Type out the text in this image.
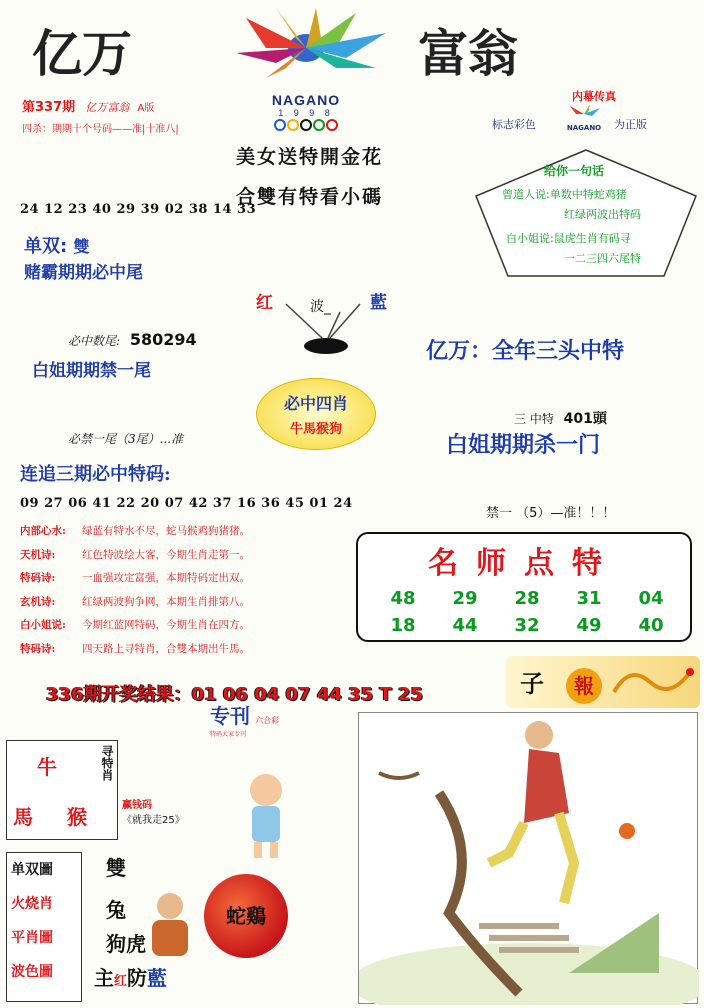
亿万	富翁
NAGANO
1 9 9 8
第337期 亿万富翁 A版
四杀：期期十个号码——准|十准八|
美女送特開金花
合雙有特看小碼
内幕传真
标志彩色	NAGANO	为正版
给你一句话
曾道人说:单数中特蛇鸡猪
红绿两波出特码
白小姐说:鼠虎生肖有码寻
一二三四六尾特
24 12 23 40 29 39 02 38 14 33
单双: 雙
赌霸期期必中尾
红	波_ 藍
必中数尾: 580294
白姐期期禁一尾
亿万：全年三头中特
必中四肖
牛馬猴狗
三 中特 401頭
白姐期期杀一门
必禁一尾（3尾）...准
连追三期必中特码:
09 27 06 41 22 20 07 42 37 16 36 45 01 24
禁一 （5）—准！！！
内部心水: 绿蓝有特水不尽，蛇马猴鸡狗猪猪。
天机诗:	红色特波绘大客，今期生肖走第一。
特码诗:	一血强攻定富强，本期特码定出双。
玄机诗:	红绿两波狗争网，本期生肖排第八。
白小姐说: 今期红蓝网特码，今期生肖在四方。
特码诗:	四天路上寻特肖，合雙本期出牛馬。
名师点特
48 29 28 31 04
18 44 32 49 40
336期开奖结果：01 06 04 07 44 35 T 25
专刊 六合彩
特码大家专刊
子	報
牛
馬 猴
寻特肖
赢钱码
《就我走25》
单双圖
火烧肖
平肖圖
波色圖
雙
兔
狗虎
主红防藍
蛇鷄
